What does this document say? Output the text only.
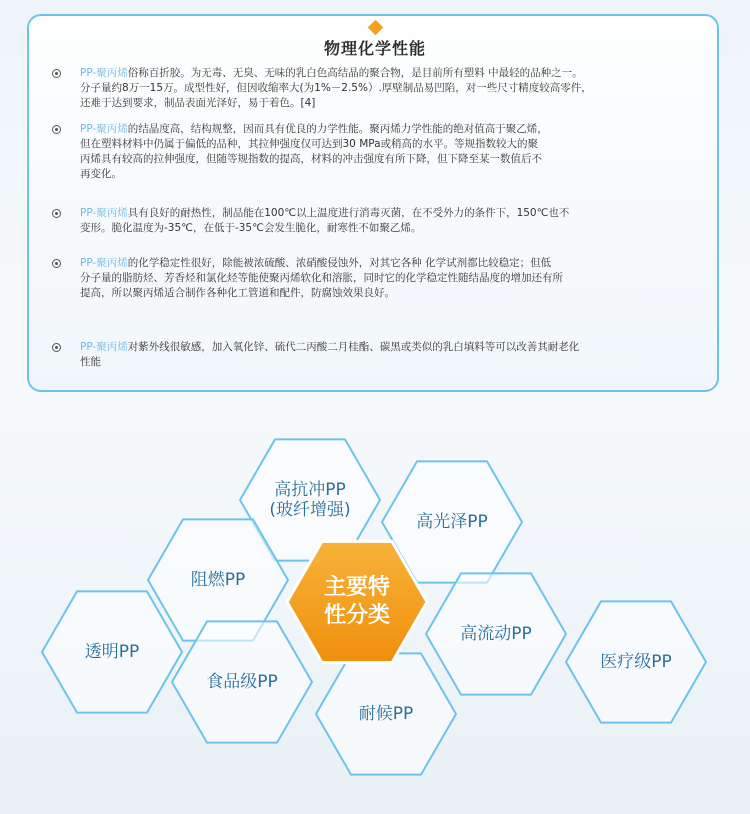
物理化学性能
PP-聚丙烯俗称百折胶。为无毒、无臭、无味的乳白色高结晶的聚合物，是目前所有塑料 中最轻的品种之一。
分子量约8万一15万。成型性好，但因收缩率大(为1%－2.5%）.厚壁制品易凹陷，对一些尺寸精度较高零件，
还难于达到要求，制品表面光泽好，易于着色。[4]
PP-聚丙烯的结晶度高，结构规整，因而具有优良的力学性能。聚丙烯力学性能的绝对值高于聚乙烯，
但在塑料材料中仍属于偏低的品种，其拉伸强度仅可达到30 MPa或稍高的水平。等规指数较大的聚
丙烯具有较高的拉伸强度，但随等规指数的提高，材料的冲击强度有所下降，但下降至某一数值后不
再变化。
PP-聚丙烯具有良好的耐热性，制品能在100℃以上温度进行消毒灭菌，在不受外力的条件下，150℃也不
变形。脆化温度为-35℃，在低于-35℃会发生脆化，耐寒性不如聚乙烯。
PP-聚丙烯的化学稳定性很好，除能被浓硫酸、浓硝酸侵蚀外，对其它各种 化学试剂都比较稳定；但低
分子量的脂肪烃、芳香烃和氯化烃等能使聚丙烯软化和溶胀，同时它的化学稳定性随结晶度的增加还有所
提高，所以聚丙烯适合制作各种化工管道和配件，防腐蚀效果良好。
PP-聚丙烯对紫外线很敏感，加入氧化锌、硫代二丙酸二月桂酯、碳黑或类似的乳白填料等可以改善其耐老化
性能
高抗冲PP
(玻纤增强)
高光泽PP
阻燃PP
透明PP
食品级PP
耐候PP
高流动PP
医疗级PP
主要特
性分类
